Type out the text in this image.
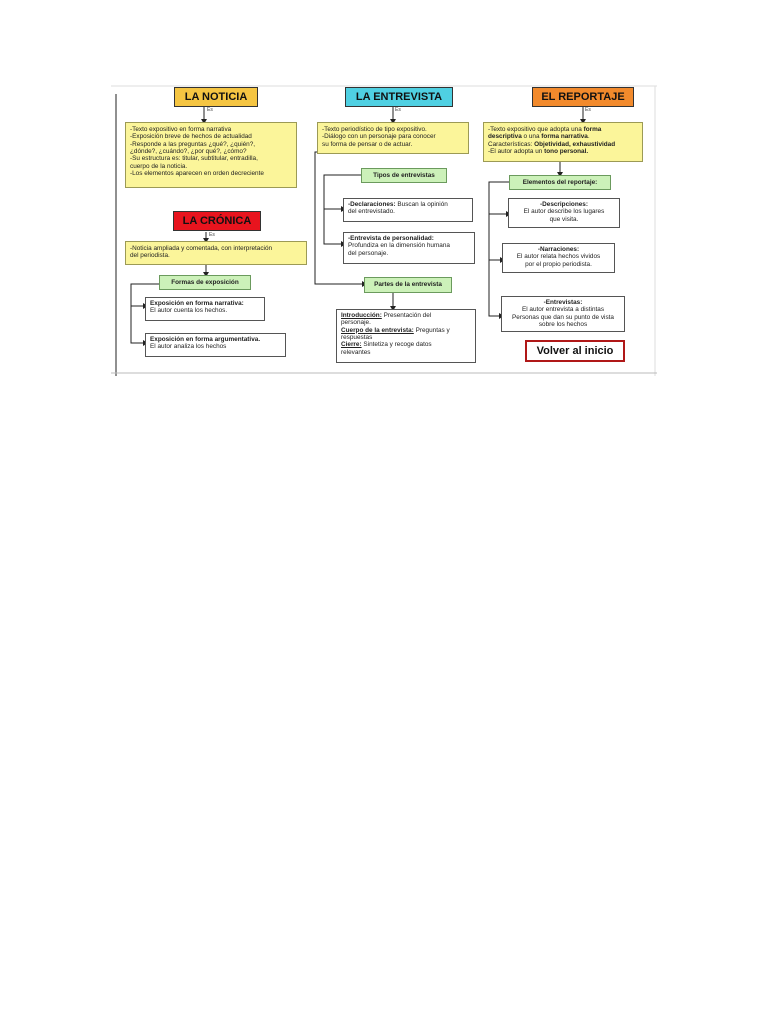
LA NOTICIA
Es
-Texto expositivo en forma narrativa
-Exposición breve de hechos de actualidad
-Responde a las preguntas ¿qué?, ¿quién?,
¿dónde?, ¿cuándo?, ¿por qué?, ¿cómo?
-Su estructura es: titular, subtitular, entradilla,
cuerpo de la noticia.
-Los elementos aparecen en orden decreciente
LA CRÓNICA
Es
-Noticia ampliada y comentada, con interpretación
del periodista.
Formas de exposición
Exposición en forma narrativa:
El autor cuenta los hechos.
Exposición en forma argumentativa.
El autor analiza los hechos
LA ENTREVISTA
Es
-Texto periodístico de tipo expositivo.
-Diálogo con un personaje para conocer
su forma de pensar o de actuar.
Tipos de entrevistas
-Declaraciones: Buscan la opinión
del entrevistado.
-Entrevista de personalidad:
Profundiza en la dimensión humana
del personaje.
Partes de la entrevista
Introducción: Presentación del
personaje.
Cuerpo de la entrevista: Preguntas y
respuestas
Cierre: Sintetiza y recoge datos
relevantes
EL REPORTAJE
Es
-Texto expositivo que adopta una forma
descriptiva o una forma narrativa.
Características: Objetividad, exhaustividad
-El autor adopta un tono personal.
Elementos del reportaje:
-Descripciones:
El autor describe los lugares
que visita.
-Narraciones:
El autor relata hechos vividos
por el propio periodista.
-Entrevistas:
El autor entrevista a distintas
Personas que dan su punto de vista
sobre los hechos
Volver al inicio
